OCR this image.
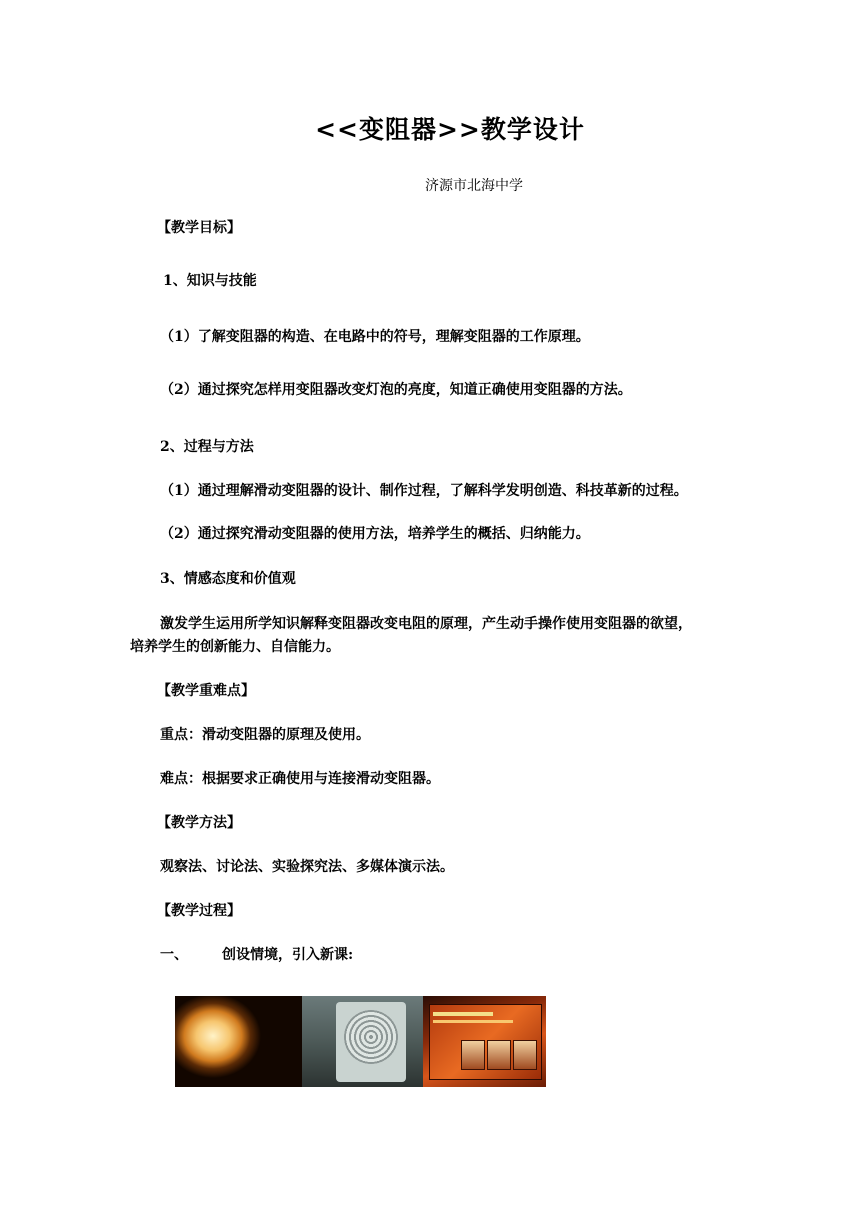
<<变阻器>>教学设计
济源市北海中学
【教学目标】
1、知识与技能
（1）了解变阻器的构造、在电路中的符号，理解变阻器的工作原理。
（2）通过探究怎样用变阻器改变灯泡的亮度，知道正确使用变阻器的方法。
2、过程与方法
（1）通过理解滑动变阻器的设计、制作过程，了解科学发明创造、科技革新的过程。
（2）通过探究滑动变阻器的使用方法，培养学生的概括、归纳能力。
3、情感态度和价值观
激发学生运用所学知识解释变阻器改变电阻的原理，产生动手操作使用变阻器的欲望，
培养学生的创新能力、自信能力。
【教学重难点】
重点：滑动变阻器的原理及使用。
难点：根据要求正确使用与连接滑动变阻器。
【教学方法】
观察法、讨论法、实验探究法、多媒体演示法。
【教学过程】
一、 创设情境，引入新课:
